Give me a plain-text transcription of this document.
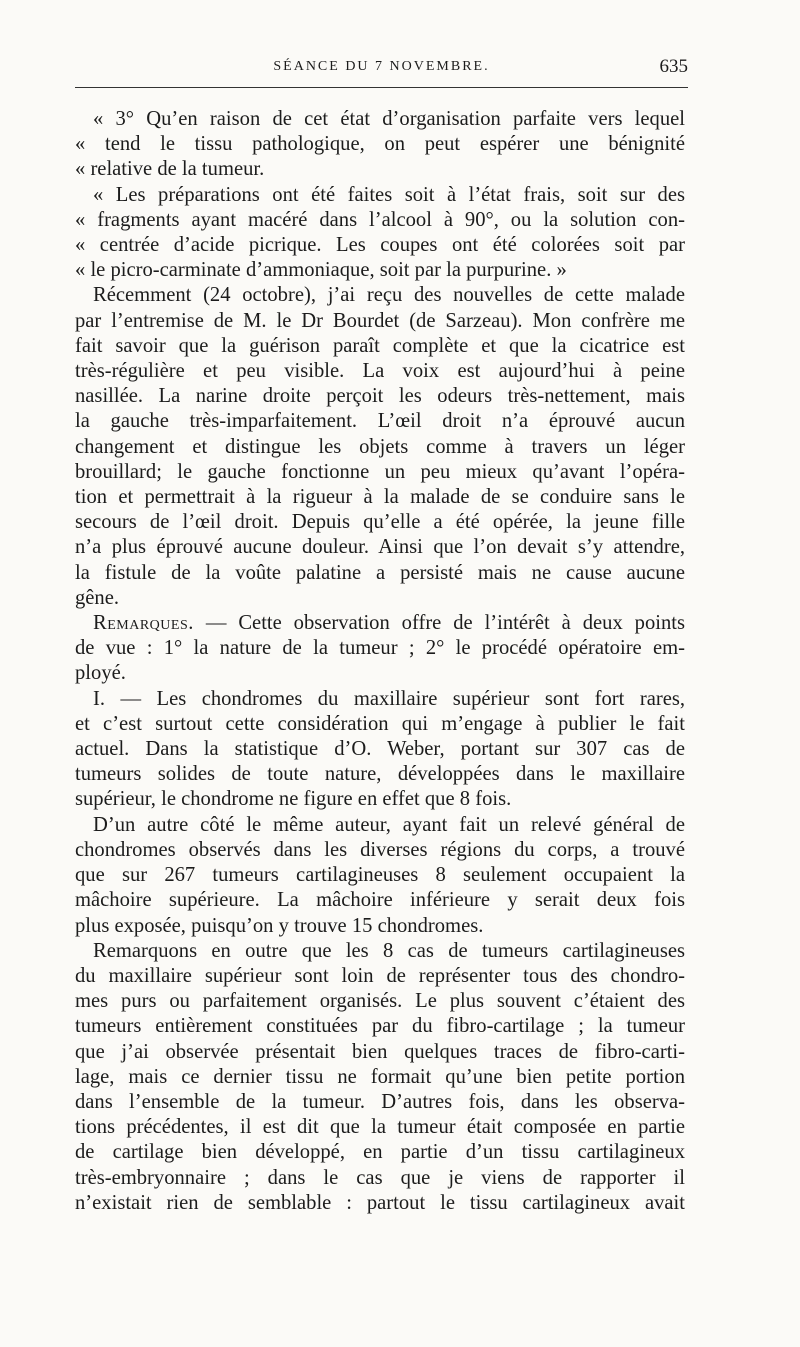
SÉANCE DU 7 NOVEMBRE.	635
« 3° Qu’en raison de cet état d’organisation parfaite vers lequel
« tend le tissu pathologique, on peut espérer une bénignité
« relative de la tumeur.
« Les préparations ont été faites soit à l’état frais, soit sur des
« fragments ayant macéré dans l’alcool à 90°, ou la solution con-
« centrée d’acide picrique. Les coupes ont été colorées soit par
« le picro-carminate d’ammoniaque, soit par la purpurine. »
Récemment (24 octobre), j’ai reçu des nouvelles de cette malade
par l’entremise de M. le Dr Bourdet (de Sarzeau). Mon confrère me
fait savoir que la guérison paraît complète et que la cicatrice est
très-régulière et peu visible. La voix est aujourd’hui à peine
nasillée. La narine droite perçoit les odeurs très-nettement, mais
la gauche très-imparfaitement. L’œil droit n’a éprouvé aucun
changement et distingue les objets comme à travers un léger
brouillard; le gauche fonctionne un peu mieux qu’avant l’opéra-
tion et permettrait à la rigueur à la malade de se conduire sans le
secours de l’œil droit. Depuis qu’elle a été opérée, la jeune fille
n’a plus éprouvé aucune douleur. Ainsi que l’on devait s’y attendre,
la fistule de la voûte palatine a persisté mais ne cause aucune
gêne.
Remarques. — Cette observation offre de l’intérêt à deux points
de vue : 1° la nature de la tumeur ; 2° le procédé opératoire em-
ployé.
I. — Les chondromes du maxillaire supérieur sont fort rares,
et c’est surtout cette considération qui m’engage à publier le fait
actuel. Dans la statistique d’O. Weber, portant sur 307 cas de
tumeurs solides de toute nature, développées dans le maxillaire
supérieur, le chondrome ne figure en effet que 8 fois.
D’un autre côté le même auteur, ayant fait un relevé général de
chondromes observés dans les diverses régions du corps, a trouvé
que sur 267 tumeurs cartilagineuses 8 seulement occupaient la
mâchoire supérieure. La mâchoire inférieure y serait deux fois
plus exposée, puisqu’on y trouve 15 chondromes.
Remarquons en outre que les 8 cas de tumeurs cartilagineuses
du maxillaire supérieur sont loin de représenter tous des chondro-
mes purs ou parfaitement organisés. Le plus souvent c’étaient des
tumeurs entièrement constituées par du fibro-cartilage ; la tumeur
que j’ai observée présentait bien quelques traces de fibro-carti-
lage, mais ce dernier tissu ne formait qu’une bien petite portion
dans l’ensemble de la tumeur. D’autres fois, dans les observa-
tions précédentes, il est dit que la tumeur était composée en partie
de cartilage bien développé, en partie d’un tissu cartilagineux
très-embryonnaire ; dans le cas que je viens de rapporter il
n’existait rien de semblable : partout le tissu cartilagineux avait
